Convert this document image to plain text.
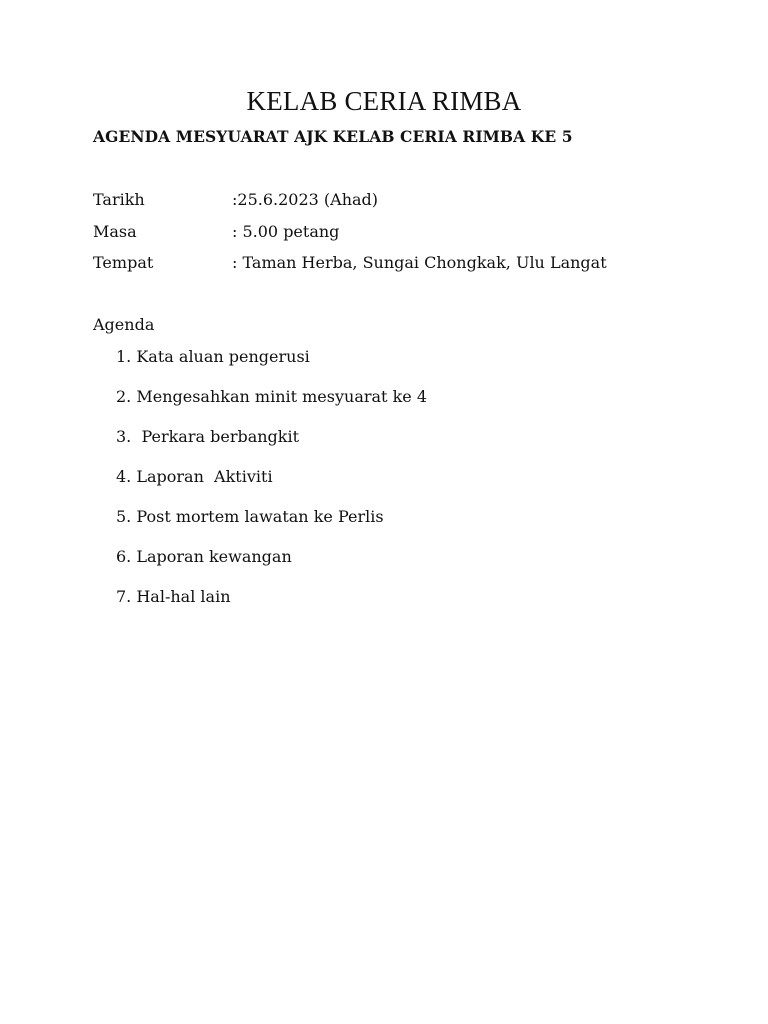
KELAB CERIA RIMBA
AGENDA MESYUARAT AJK KELAB CERIA RIMBA KE 5
Tarikh	:25.6.2023 (Ahad)
Masa	: 5.00 petang
Tempat	: Taman Herba, Sungai Chongkak, Ulu Langat
Agenda
1. Kata aluan pengerusi
2. Mengesahkan minit mesyuarat ke 4
3.  Perkara berbangkit
4. Laporan  Aktiviti
5. Post mortem lawatan ke Perlis
6. Laporan kewangan
7. Hal-hal lain
